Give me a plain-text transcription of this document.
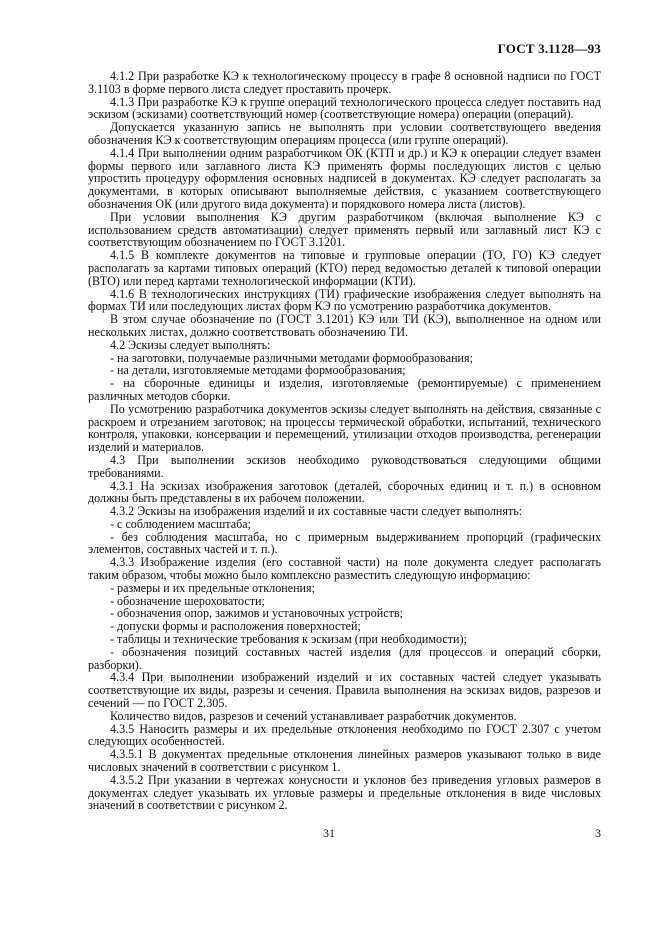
ГОСТ 3.1128—93

4.1.2 При разработке КЭ к технологическому процессу в графе 8 основной надписи по ГОСТ 3.1103 в форме первого листа следует проставить прочерк.

4.1.3 При разработке КЭ к группе операций технологического процесса следует поставить над эскизом (эскизами) соответствующий номер (соответствующие номера) операции (операций).

Допускается указанную запись не выполнять при условии соответствующего введения обозначения КЭ к соответствующим операциям процесса (или группе операций).

4.1.4 При выполнении одним разработчиком ОК (КТП и др.) и КЭ к операции следует взамен формы первого или заглавного листа КЭ применять формы последующих листов с целью упростить процедуру оформления основных надписей в документах. КЭ следует располагать за документами, в которых описывают выполняемые действия, с указанием соответствующего обозначения ОК (или другого вида документа) и порядкового номера листа (листов).

При условии выполнения КЭ другим разработчиком (включая выполнение КЭ с использованием средств автоматизации) следует применять первый или заглавный лист КЭ с соответствующим обозначением по ГОСТ 3.1201.

4.1.5 В комплекте документов на типовые и групповые операции (ТО, ГО) КЭ следует располагать за картами типовых операций (КТО) перед ведомостью деталей к типовой операции (ВТО) или перед картами технологической информации (КТИ).

4.1.6 В технологических инструкциях (ТИ) графические изображения следует выполнять на формах ТИ или последующих листах форм КЭ по усмотрению разработчика документов.

В этом случае обозначение по (ГОСТ 3.1201) КЭ или ТИ (КЭ), выполненное на одном или нескольких листах, должно соответствовать обозначению ТИ.

4.2 Эскизы следует выполнять:

- на заготовки, получаемые различными методами формообразования;

- на детали, изготовляемые методами формообразования;

- на сборочные единицы и изделия, изготовляемые (ремонтируемые) с применением различных методов сборки.

По усмотрению разработчика документов эскизы следует выполнять на действия, связанные с раскроем и отрезанием заготовок; на процессы термической обработки, испытаний, технического контроля, упаковки, консервации и перемещений, утилизации отходов производства, регенерации изделий и материалов.

4.3 При выполнении эскизов необходимо руководствоваться следующими общими требованиями.

4.3.1 На эскизах изображения заготовок (деталей, сборочных единиц и т. п.) в основном должны быть представлены в их рабочем положении.

4.3.2 Эскизы на изображения изделий и их составные части следует выполнять:

- с соблюдением масштаба;

- без соблюдения масштаба, но с примерным выдерживанием пропорций (графических элементов, составных частей и т. п.).

4.3.3 Изображение изделия (его составной части) на поле документа следует располагать таким образом, чтобы можно было комплексно разместить следующую информацию:

- размеры и их предельные отклонения;

- обозначение шероховатости;

- обозначения опор, зажимов и установочных устройств;

- допуски формы и расположения поверхностей;

- таблицы и технические требования к эскизам (при необходимости);

- обозначения позиций составных частей изделия (для процессов и операций сборки, разборки).

4.3.4 При выполнении изображений изделий и их составных частей следует указывать соответствующие их виды, разрезы и сечения. Правила выполнения на эскизах видов, разрезов и сечений — по ГОСТ 2.305.

Количество видов, разрезов и сечений устанавливает разработчик документов.

4.3.5 Наносить размеры и их предельные отклонения необходимо по ГОСТ 2.307 с учетом следующих особенностей.

4.3.5.1 В документах предельные отклонения линейных размеров указывают только в виде числовых значений в соответствии с рисунком 1.

4.3.5.2 При указании в чертежах конусности и уклонов без приведения угловых размеров в документах следует указывать их угловые размеры и предельные отклонения в виде числовых значений в соответствии с рисунком 2.

31	3
